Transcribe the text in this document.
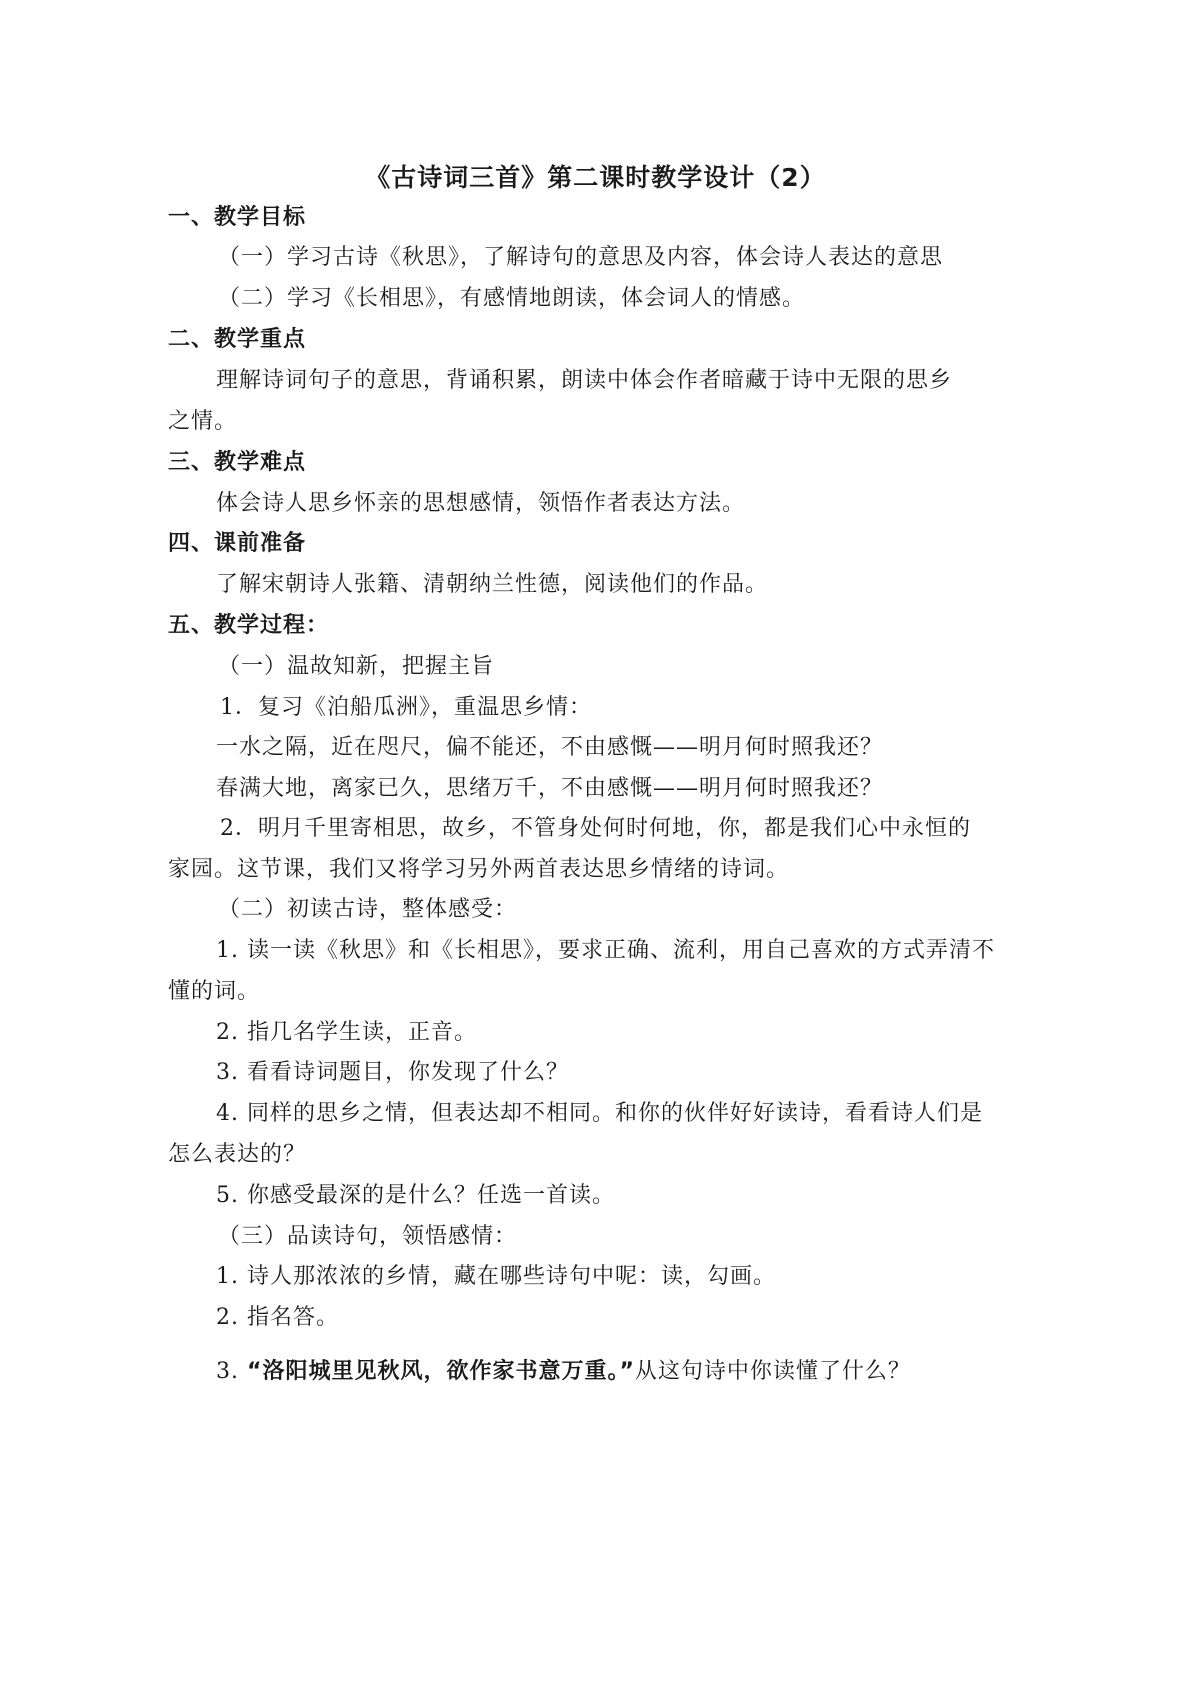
《古诗词三首》第二课时教学设计（2）
一、教学目标
（一）学习古诗《秋思》，了解诗句的意思及内容，体会诗人表达的意思
（二）学习《长相思》，有感情地朗读，体会词人的情感。
二、教学重点
理解诗词句子的意思，背诵积累，朗读中体会作者暗藏于诗中无限的思乡
之情。
三、教学难点
体会诗人思乡怀亲的思想感情，领悟作者表达方法。
四、课前准备
了解宋朝诗人张籍、清朝纳兰性德，阅读他们的作品。
五、教学过程：
（一）温故知新，把握主旨
1．复习《泊船瓜洲》，重温思乡情：
一水之隔，近在咫尺，偏不能还，不由感慨——明月何时照我还？
春满大地，离家已久，思绪万千，不由感慨——明月何时照我还？
2．明月千里寄相思，故乡，不管身处何时何地，你，都是我们心中永恒的
家园。这节课，我们又将学习另外两首表达思乡情绪的诗词。
（二）初读古诗，整体感受：
1. 读一读《秋思》和《长相思》，要求正确、流利，用自己喜欢的方式弄清不
懂的词。
2. 指几名学生读，正音。
3. 看看诗词题目，你发现了什么？
4. 同样的思乡之情，但表达却不相同。和你的伙伴好好读诗，看看诗人们是
怎么表达的？
5. 你感受最深的是什么？任选一首读。
（三）品读诗句，领悟感情：
1. 诗人那浓浓的乡情，藏在哪些诗句中呢：读，勾画。
2. 指名答。
3. “洛阳城里见秋风，欲作家书意万重。”从这句诗中你读懂了什么？
